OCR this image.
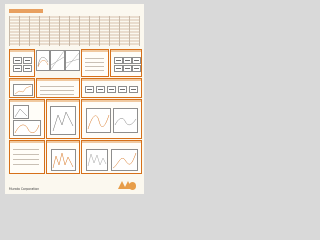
Murata Corporation
